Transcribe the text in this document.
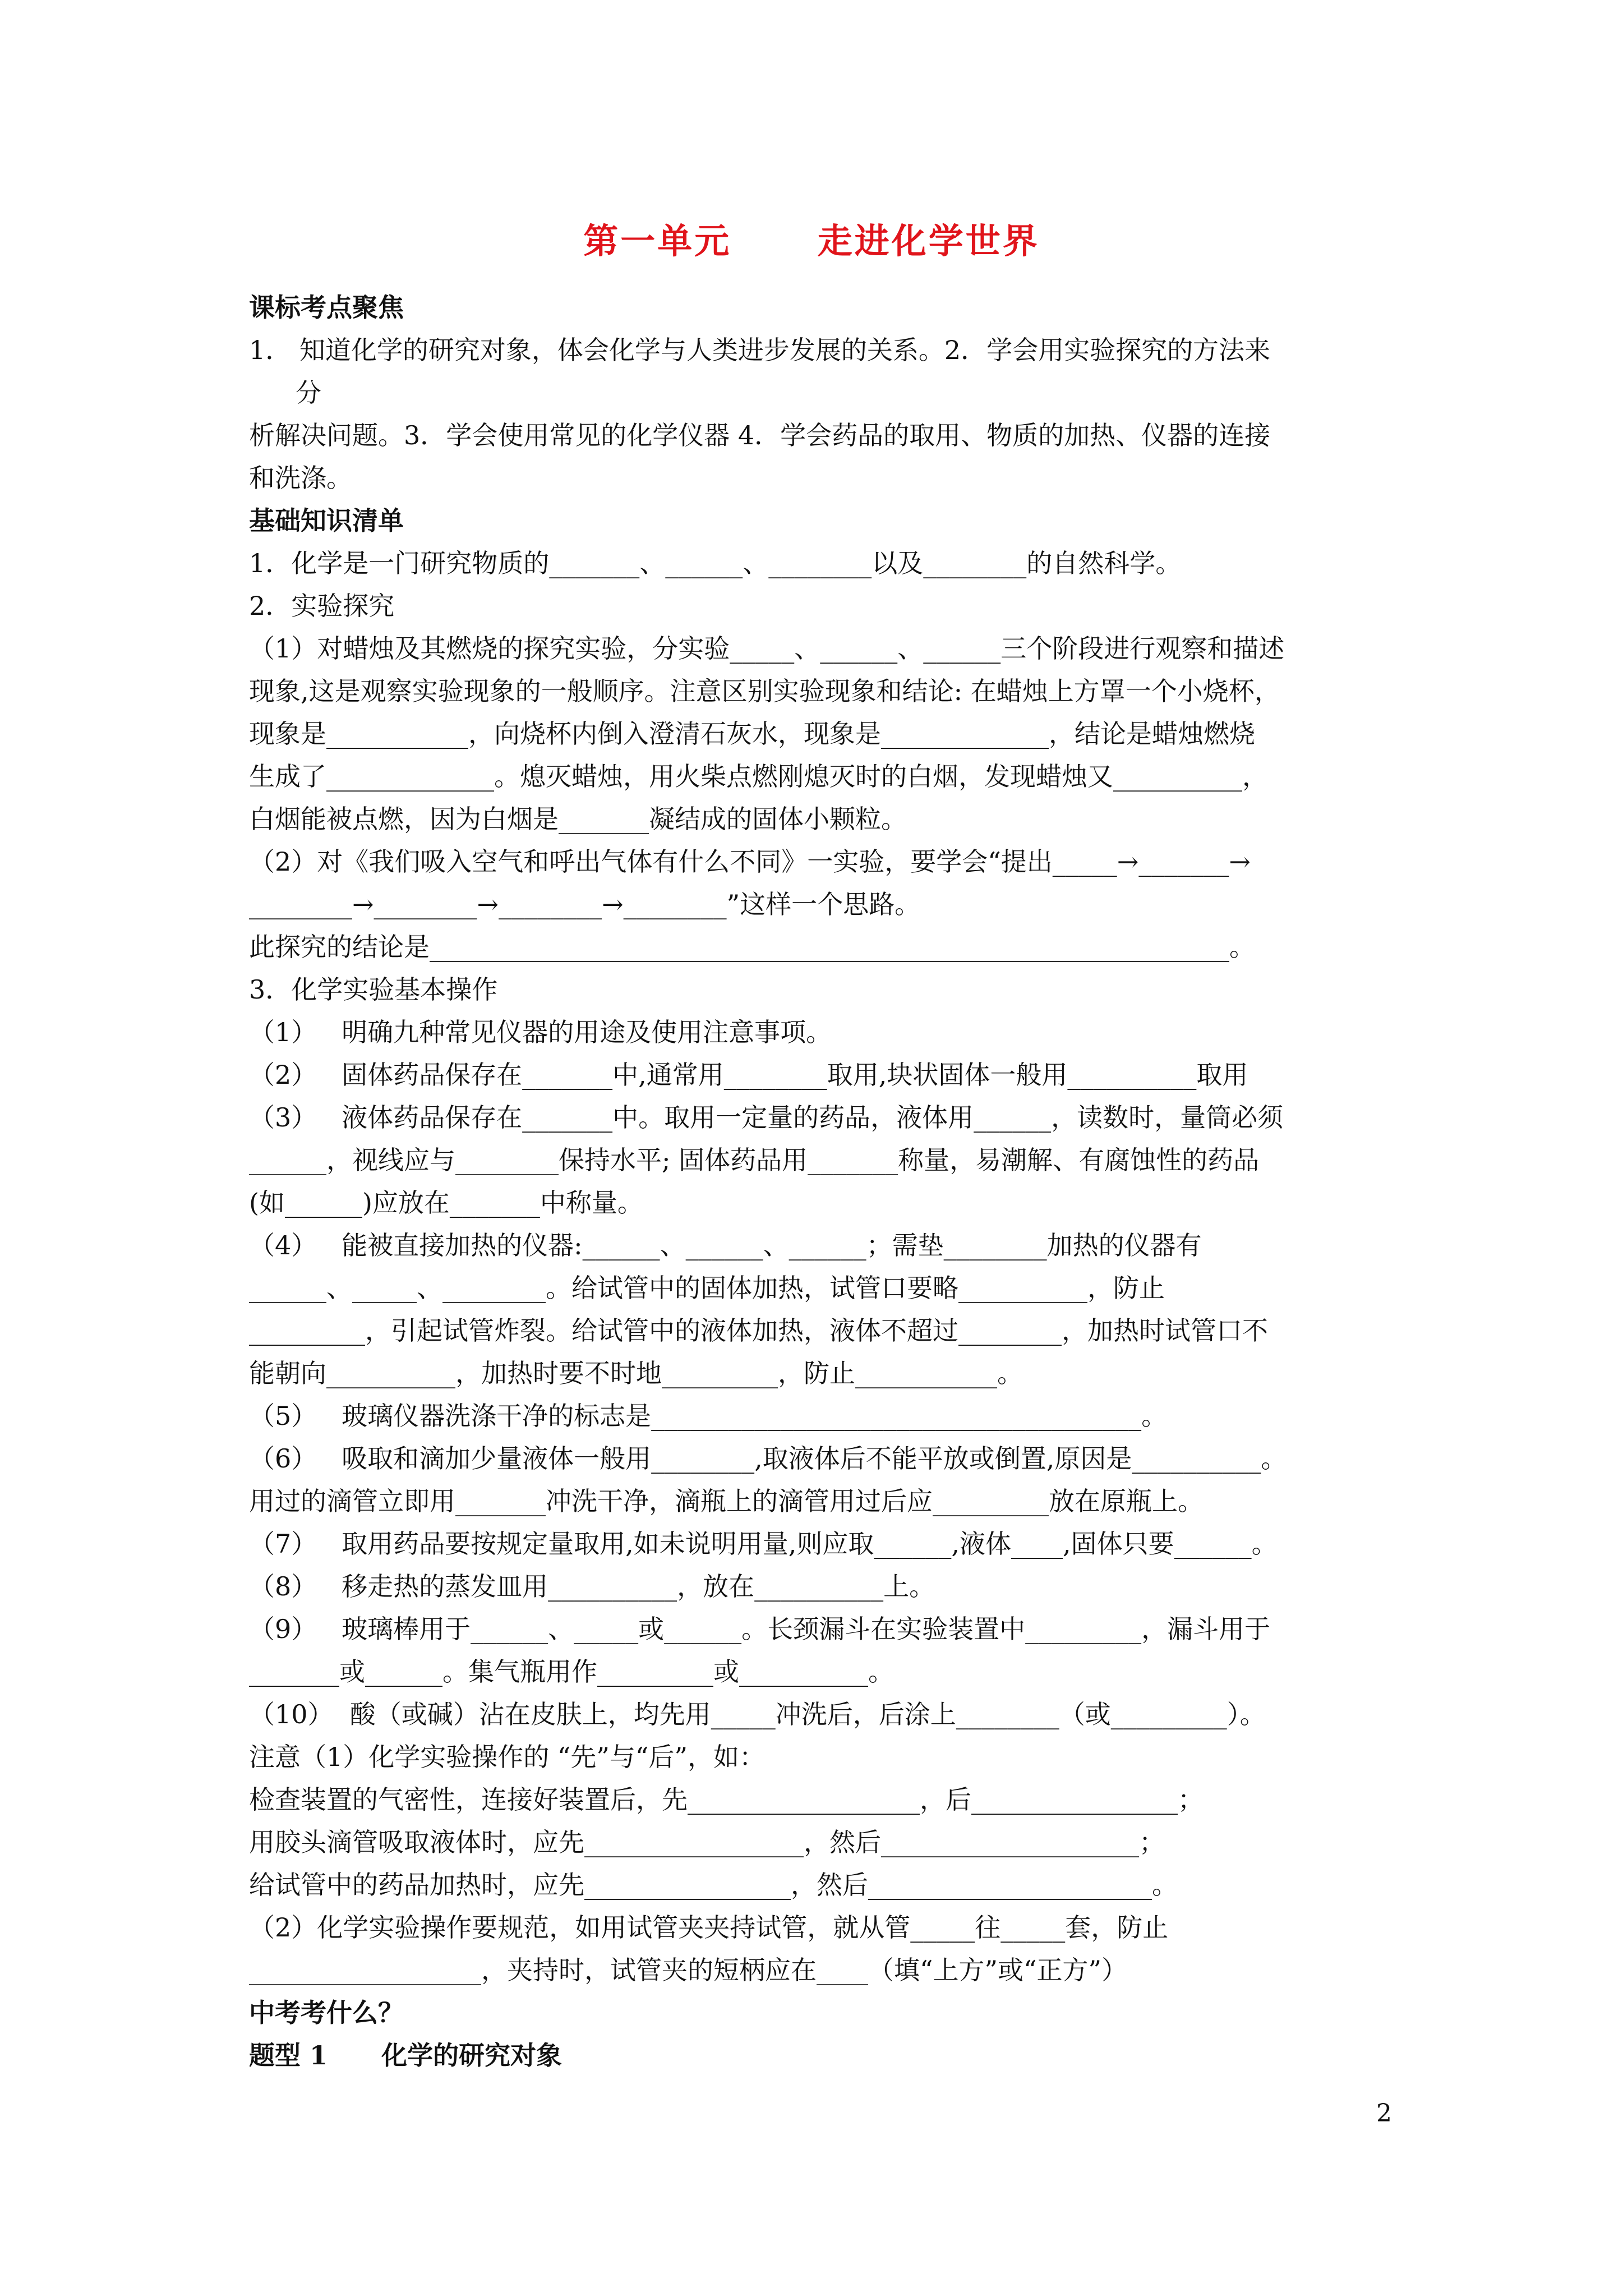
第一单元      走进化学世界
课标考点聚焦
1． 知道化学的研究对象，体会化学与人类进步发展的关系。2．学会用实验探究的方法来
分
析解决问题。3．学会使用常见的化学仪器 4．学会药品的取用、物质的加热、仪器的连接
和洗涤。
基础知识清单
1．化学是一门研究物质的_______、______、________以及________的自然科学。
2．实验探究
（1）对蜡烛及其燃烧的探究实验，分实验_____、______、______三个阶段进行观察和描述
现象,这是观察实验现象的一般顺序。注意区别实验现象和结论: 在蜡烛上方罩一个小烧杯，
现象是___________，向烧杯内倒入澄清石灰水，现象是_____________，结论是蜡烛燃烧
生成了_____________。熄灭蜡烛，用火柴点燃刚熄灭时的白烟，发现蜡烛又__________，
白烟能被点燃，因为白烟是_______凝结成的固体小颗粒。
（2）对《我们吸入空气和呼出气体有什么不同》一实验，要学会“提出_____→_______→
________→________→________→________”这样一个思路。
此探究的结论是______________________________________________________________。
3．化学实验基本操作
（1）   明确九种常见仪器的用途及使用注意事项。
（2）   固体药品保存在_______中,通常用________取用,块状固体一般用__________取用
（3）   液体药品保存在_______中。取用一定量的药品，液体用______，读数时，量筒必须
______，视线应与________保持水平; 固体药品用_______称量，易潮解、有腐蚀性的药品
(如______)应放在_______中称量。
（4）   能被直接加热的仪器:______、______、______；需垫________加热的仪器有
______、_____、________。给试管中的固体加热，试管口要略__________，防止
_________，引起试管炸裂。给试管中的液体加热，液体不超过________，加热时试管口不
能朝向__________，加热时要不时地_________，防止___________。
（5）   玻璃仪器洗涤干净的标志是______________________________________。
（6）   吸取和滴加少量液体一般用________,取液体后不能平放或倒置,原因是__________。
用过的滴管立即用_______冲洗干净，滴瓶上的滴管用过后应_________放在原瓶上。
（7）   取用药品要按规定量取用,如未说明用量,则应取______,液体____,固体只要______。
（8）   移走热的蒸发皿用__________，放在__________上。
（9）   玻璃棒用于______、_____或______。长颈漏斗在实验装置中_________，漏斗用于
_______或______。集气瓶用作_________或__________。
（10）  酸（或碱）沾在皮肤上，均先用_____冲洗后，后涂上________（或_________）。
注意（1）化学实验操作的 “先”与“后”，如：
检查装置的气密性，连接好装置后，先__________________，后________________；
用胶头滴管吸取液体时，应先_________________，然后____________________；
给试管中的药品加热时，应先________________，然后______________________。
（2）化学实验操作要规范，如用试管夹夹持试管，就从管_____往_____套，防止
__________________，夹持时，试管夹的短柄应在____（填“上方”或“正方”）
中考考什么？
题型 1      化学的研究对象
2
